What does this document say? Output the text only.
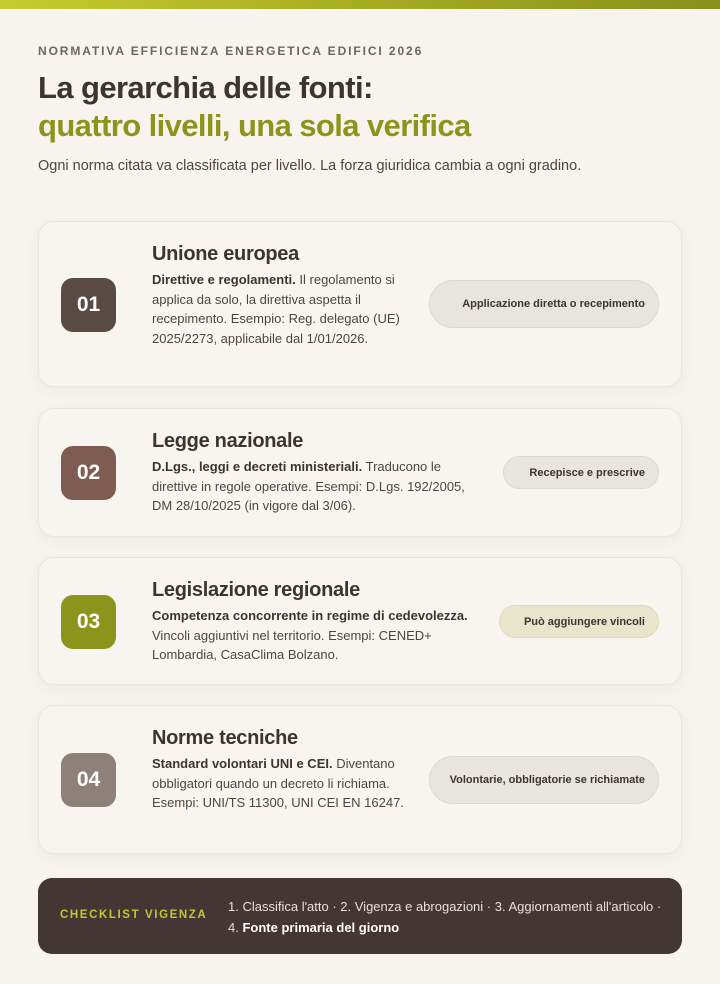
NORMATIVA EFFICIENZA ENERGETICA EDIFICI 2026
La gerarchia delle fonti:
quattro livelli, una sola verifica

Ogni norma citata va classificata per livello. La forza giuridica cambia a ogni gradino.

01
Unione europea
Direttive e regolamenti. Il regolamento si applica da solo, la direttiva aspetta il recepimento. Esempio: Reg. delegato (UE) 2025/2273, applicabile dal 1/01/2026.
Applicazione diretta o recepimento
02
Legge nazionale
D.Lgs., leggi e decreti ministeriali. Traducono le direttive in regole operative. Esempi: D.Lgs. 192/2005, DM 28/10/2025 (in vigore dal 3/06).
Recepisce e prescrive
03
Legislazione regionale
Competenza concorrente in regime di cedevolezza. Vincoli aggiuntivi nel territorio. Esempi: CENED+ Lombardia, CasaClima Bolzano.
Può aggiungere vincoli
04
Norme tecniche
Standard volontari UNI e CEI. Diventano obbligatori quando un decreto li richiama. Esempi: UNI/TS 11300, UNI CEI EN 16247.
Volontarie, obbligatorie se richiamate
CHECKLIST VIGENZA
1. Classifica l'atto · 2. Vigenza e abrogazioni · 3. Aggiornamenti all'articolo · 4. Fonte primaria del giorno
